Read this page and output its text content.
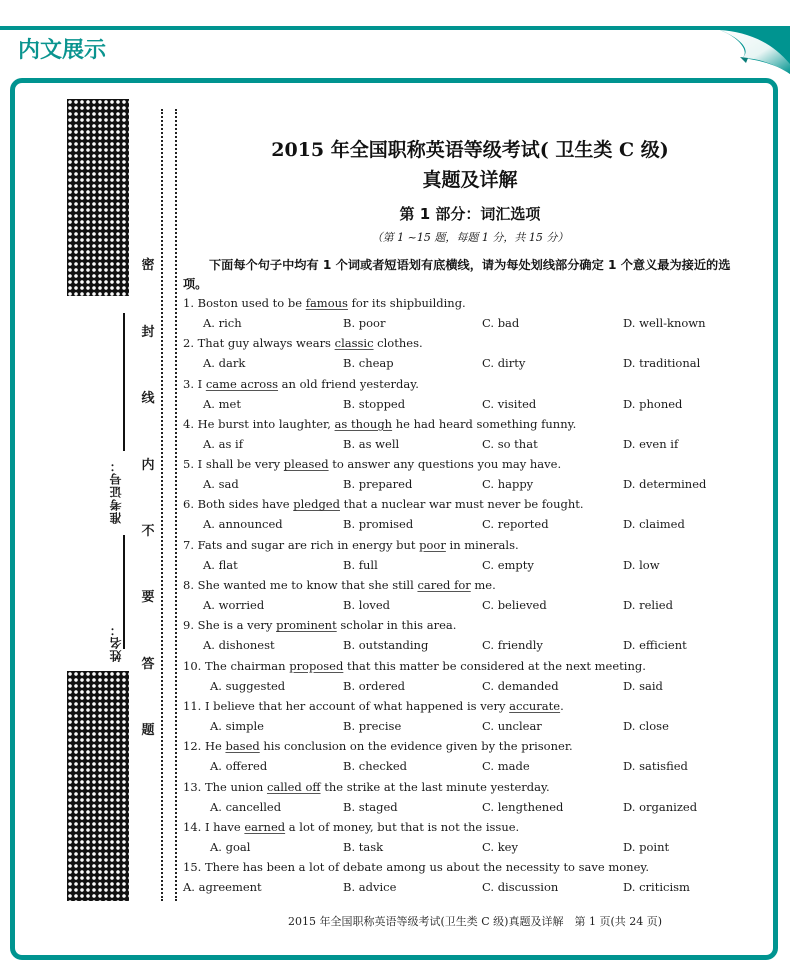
内文展示
准考证号：
姓名：
密
封
线
内
不
要
答
题
2015 年全国职称英语等级考试( 卫生类 C 级)
真题及详解
第 1 部分：词汇选项
（第 1 ~15 题，每题 1 分，共 15 分）
下面每个句子中均有 1 个词或者短语划有底横线，请为每处划线部分确定 1 个意义最为接近的选项。
1. Boston used to be famous for its shipbuilding.
A. rich	B. poor	C. bad	D. well-known
2. That guy always wears classic clothes.
A. dark	B. cheap	C. dirty	D. traditional
3. I came across an old friend yesterday.
A. met	B. stopped	C. visited	D. phoned
4. He burst into laughter, as though he had heard something funny.
A. as if	B. as well	C. so that	D. even if
5. I shall be very pleased to answer any questions you may have.
A. sad	B. prepared	C. happy	D. determined
6. Both sides have pledged that a nuclear war must never be fought.
A. announced	B. promised	C. reported	D. claimed
7. Fats and sugar are rich in energy but poor in minerals.
A. flat	B. full	C. empty	D. low
8. She wanted me to know that she still cared for me.
A. worried	B. loved	C. believed	D. relied
9. She is a very prominent scholar in this area.
A. dishonest	B. outstanding	C. friendly	D. efficient
10. The chairman proposed that this matter be considered at the next meeting.
A. suggested	B. ordered	C. demanded	D. said
11. I believe that her account of what happened is very accurate.
A. simple	B. precise	C. unclear	D. close
12. He based his conclusion on the evidence given by the prisoner.
A. offered	B. checked	C. made	D. satisfied
13. The union called off the strike at the last minute yesterday.
A. cancelled	B. staged	C. lengthened	D. organized
14. I have earned a lot of money, but that is not the issue.
A. goal	B. task	C. key	D. point
15. There has been a lot of debate among us about the necessity to save money.
A. agreement	B. advice	C. discussion	D. criticism
2015 年全国职称英语等级考试(卫生类 C 级)真题及详解　第 1 页(共 24 页)
